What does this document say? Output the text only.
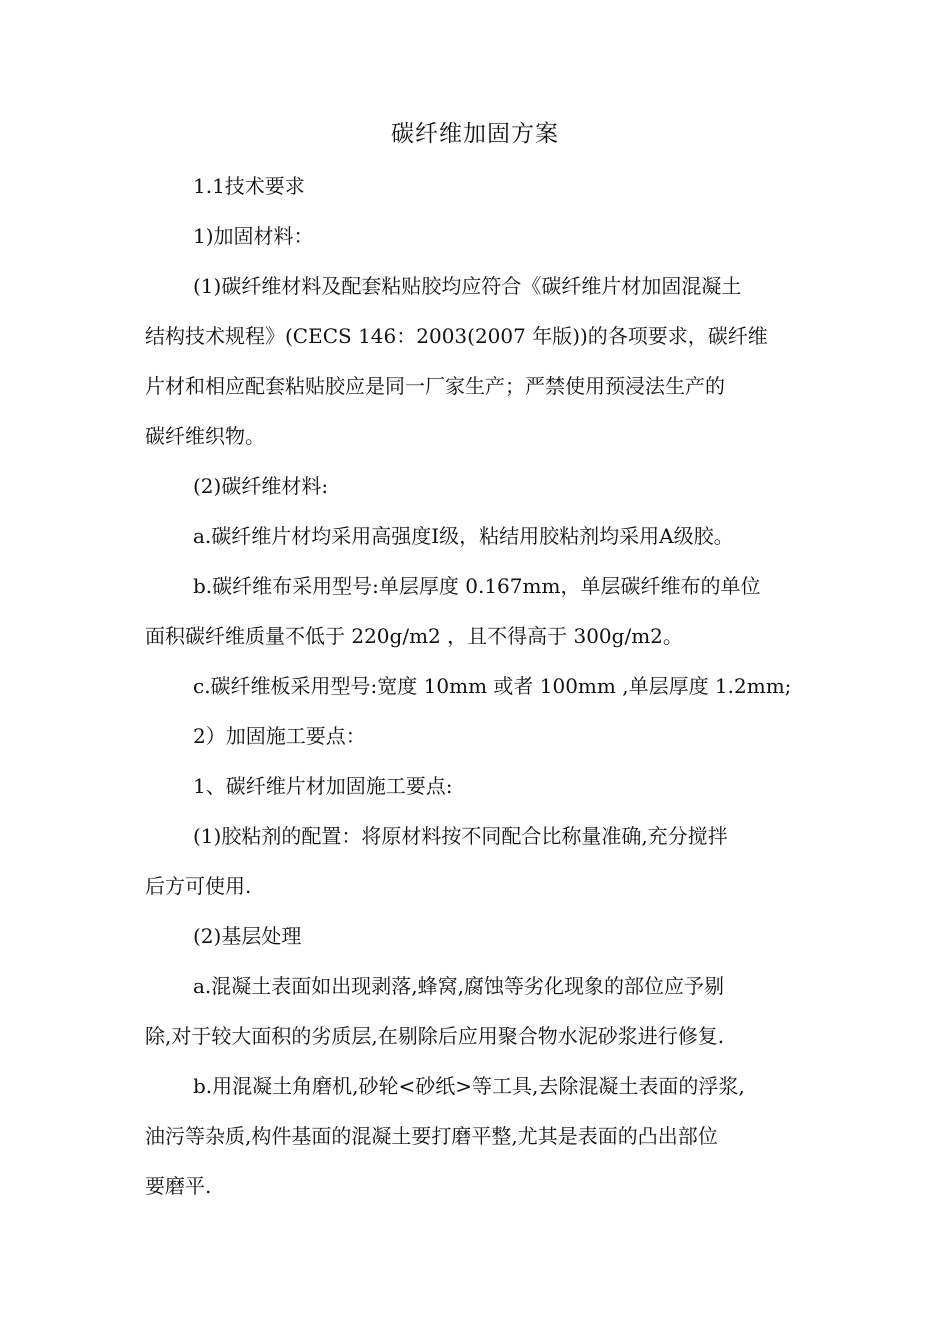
碳纤维加固方案
1.1技术要求
1)加固材料：
(1)碳纤维材料及配套粘贴胶均应符合《碳纤维片材加固混凝土
结构技术规程》(CECS 146：2003(2007 年版))的各项要求，碳纤维
片材和相应配套粘贴胶应是同一厂家生产；严禁使用预浸法生产的
碳纤维织物。
(2)碳纤维材料:
a.碳纤维片材均采用高强度Ⅰ级，粘结用胶粘剂均采用A级胶。
b.碳纤维布采用型号:单层厚度 0.167mm，单层碳纤维布的单位
面积碳纤维质量不低于 220g/m2 ，且不得高于 300g/m2。
c.碳纤维板采用型号:宽度 10mm 或者 100mm ,单层厚度 1.2mm;
2）加固施工要点：
1、碳纤维片材加固施工要点:
(1)胶粘剂的配置：将原材料按不同配合比称量准确,充分搅拌
后方可使用.
(2)基层处理
a.混凝土表面如出现剥落,蜂窝,腐蚀等劣化现象的部位应予剔
除,对于较大面积的劣质层,在剔除后应用聚合物水泥砂浆进行修复.
b.用混凝土角磨机,砂轮<砂纸>等工具,去除混凝土表面的浮浆,
油污等杂质,构件基面的混凝土要打磨平整,尤其是表面的凸出部位
要磨平.
